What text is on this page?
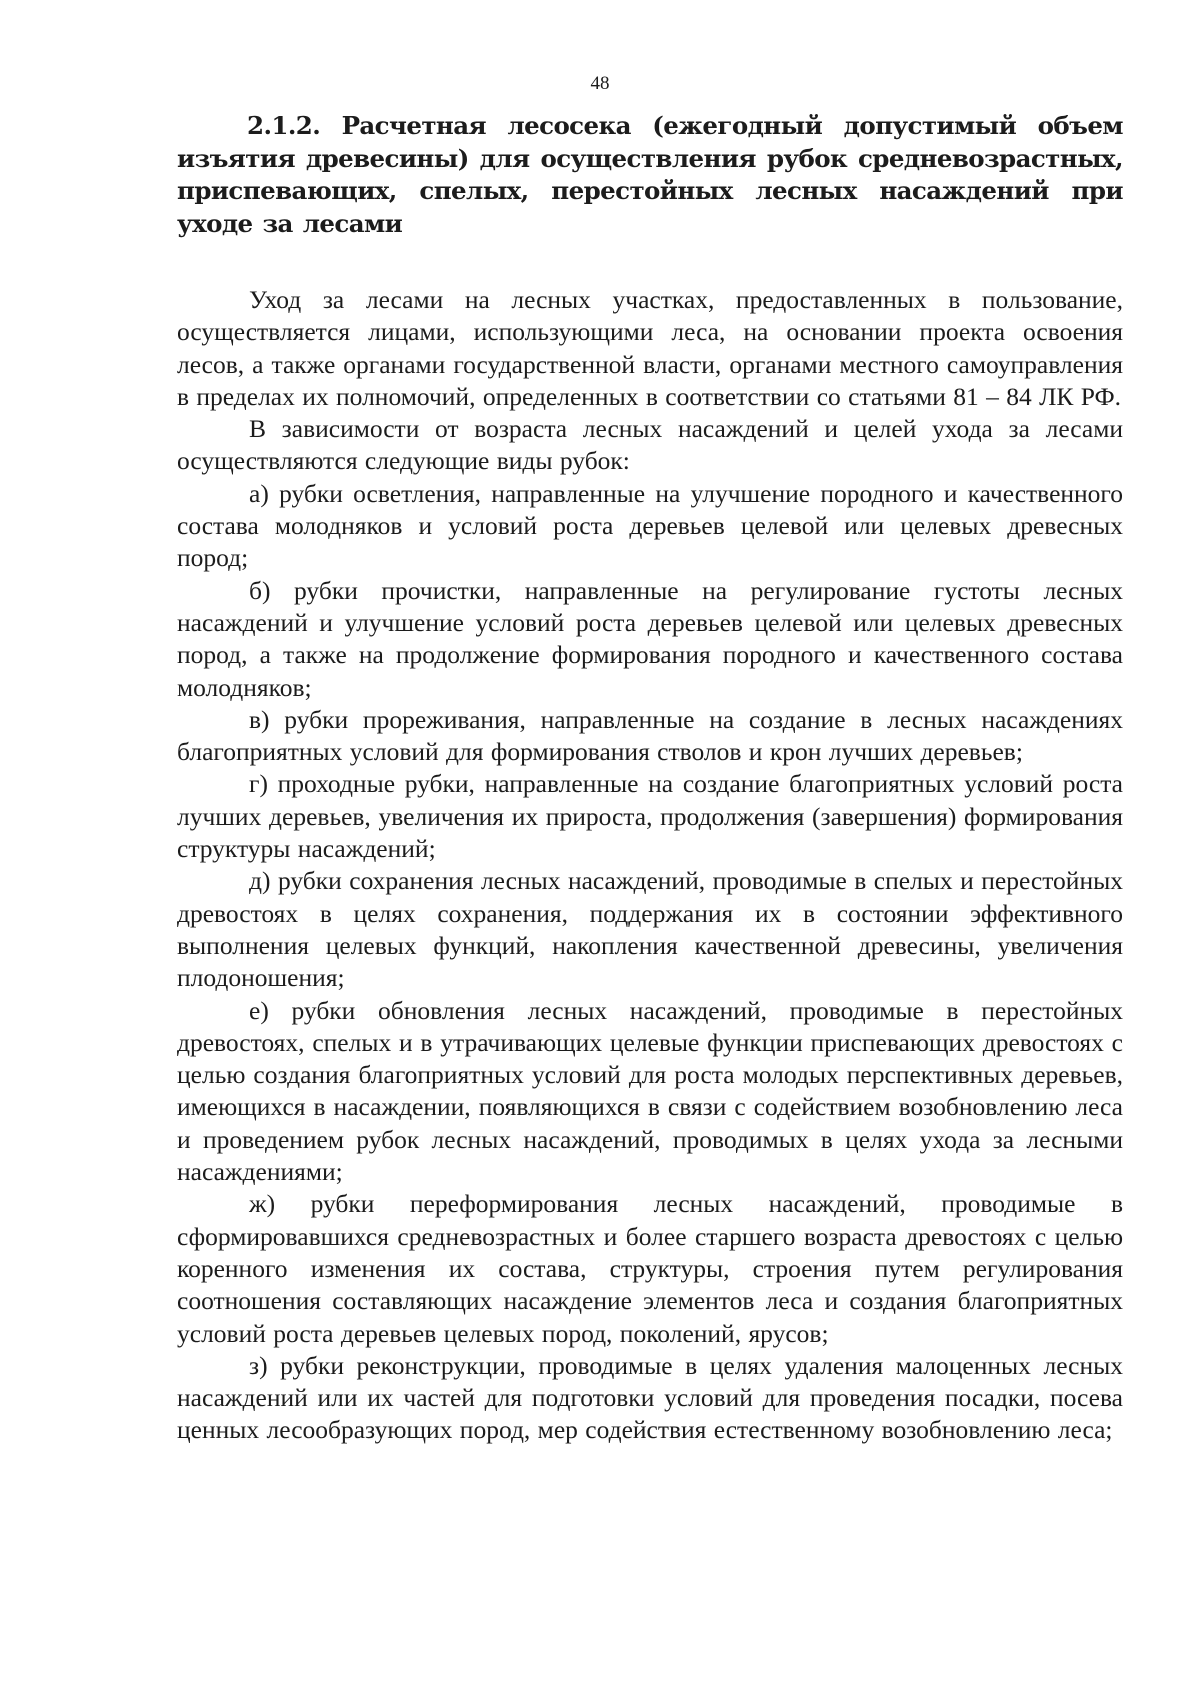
48
2.1.2. Расчетная лесосека (ежегодный допустимый объем изъятия древесины) для осуществления рубок средневозрастных, приспевающих, спелых, перестойных лесных насаждений при уходе за лесами

Уход за лесами на лесных участках, предоставленных в пользование, осуществляется лицами, использующими леса, на основании проекта освоения лесов, а также органами государственной власти, органами местного самоуправления в пределах их полномочий, определенных в соответствии со статьями 81 – 84 ЛК РФ.

В зависимости от возраста лесных насаждений и целей ухода за лесами осуществляются следующие виды рубок:

а) рубки осветления, направленные на улучшение породного и качественного состава молодняков и условий роста деревьев целевой или целевых древесных пород;

б) рубки прочистки, направленные на регулирование густоты лесных насаждений и улучшение условий роста деревьев целевой или целевых древесных пород, а также на продолжение формирования породного и качественного состава молодняков;

в) рубки прореживания, направленные на создание в лесных насаждениях благоприятных условий для формирования стволов и крон лучших деревьев;

г) проходные рубки, направленные на создание благоприятных условий роста лучших деревьев, увеличения их прироста, продолжения (завершения) формирования структуры насаждений;

д) рубки сохранения лесных насаждений, проводимые в спелых и перестойных древостоях в целях сохранения, поддержания их в состоянии эффективного выполнения целевых функций, накопления качественной древесины, увеличения плодоношения;

е) рубки обновления лесных насаждений, проводимые в перестойных древостоях, спелых и в утрачивающих целевые функции приспевающих древостоях с целью создания благоприятных условий для роста молодых перспективных деревьев, имеющихся в насаждении, появляющихся в связи с содействием возобновлению леса и проведением рубок лесных насаждений, проводимых в целях ухода за лесными насаждениями;

ж) рубки переформирования лесных насаждений, проводимые в сформировавшихся средневозрастных и более старшего возраста древостоях с целью коренного изменения их состава, структуры, строения путем регулирования соотношения составляющих насаждение элементов леса и создания благоприятных условий роста деревьев целевых пород, поколений, ярусов;

з) рубки реконструкции, проводимые в целях удаления малоценных лесных насаждений или их частей для подготовки условий для проведения посадки, посева ценных лесообразующих пород, мер содействия естественному возобновлению леса;
